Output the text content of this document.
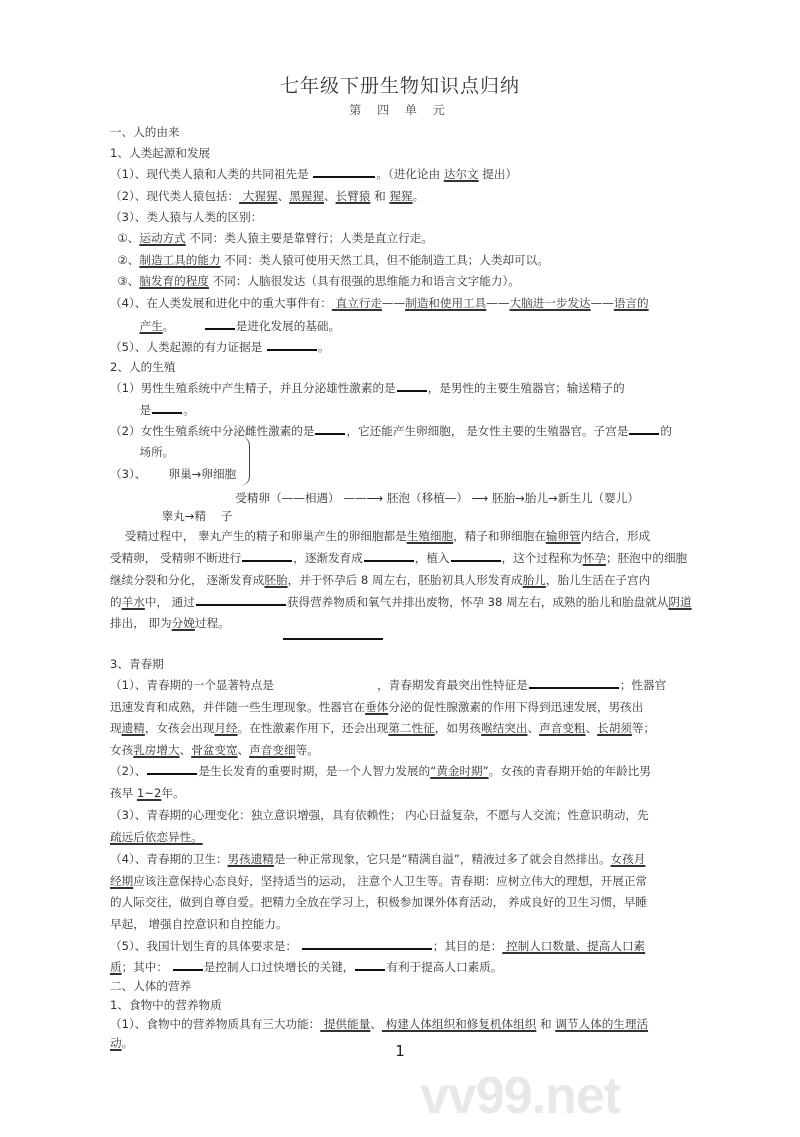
七年级下册生物知识点归纳
第 四 单 元
一、人的由来
1、人类起源和发展
（1）、现代类人猿和人类的共同祖先是	。（进化论由 达尔文 提出）
（2）、现代类人猿包括： 大猩猩、黑猩猩、长臂猿 和 猩猩。
（3）、类人猿与人类的区别：
①、运动方式 不同：类人猿主要是靠臂行；人类是直立行走。
②、制造工具的能力 不同：类人猿可使用天然工具，但不能制造工具；人类却可以。
③、脑发育的程度 不同：人脑很发达（具有很强的思维能力和语言文字能力）。
（4）、在人类发展和进化中的重大事件有： 直立行走——制造和使用工具——大脑进一步发达——语言的
产生。	是进化发展的基础。
（5）、人类起源的有力证据是	。
2、人的生殖
（1）男性生殖系统中产生精子，并且分泌雄性激素的是	，是男性的主要生殖器官；输送精子的
是	。
（2）女性生殖系统中分泌雌性激素的是	，它还能产生卵细胞， 是女性主要的生殖器官。子宫是	的
场所。
（3）、      卵巢→卵细胞
受精卵（——相遇） ——⟶ 胚泡（移植—） ⟶ 胚胎→胎儿→新生儿（婴儿）
睾丸→精    子
受精过程中， 睾丸产生的精子和卵巢产生的卵细胞都是生殖细胞，精子和卵细胞在输卵管内结合，形成
受精卵， 受精卵不断进行	，逐渐发育成	，植入	，这个过程称为怀孕；胚泡中的细胞
继续分裂和分化， 逐渐发育成胚胎，并于怀孕后 8 周左右，胚胎初具人形发育成胎儿，胎儿生活在子宫内
的羊水中， 通过	获得营养物质和氧气并排出废物，怀孕 38 周左右，成熟的胎儿和胎盘就从阴道
排出， 即为分娩过程。
3、青春期
（1）、青春期的一个显著特点是                            ，青春期发育最突出性特征是	；性器官
迅速发育和成熟，并伴随一些生理现象。性器官在垂体分泌的促性腺激素的作用下得到迅速发展，男孩出
现遗精，女孩会出现月经。在性激素作用下，还会出现第二性征，如男孩喉结突出、声音变粗、长胡须等；
女孩乳房增大、骨盆变宽、声音变细等。
（2）、	是生长发育的重要时期，是一个人智力发展的“黄金时期”。女孩的青春期开始的年龄比男
孩早 1~2年。
（3）、青春期的心理变化：独立意识增强，具有依赖性； 内心日益复杂，不愿与人交流；性意识萌动，先
疏远后依恋异性。
（4）、青春期的卫生：男孩遗精是一种正常现象，它只是“精满自溢”，精液过多了就会自然排出。女孩月
经期应该注意保持心态良好，坚持适当的运动， 注意个人卫生等。青春期：应树立伟大的理想，开展正常
的人际交往，做到自尊自爱。把精力全放在学习上，积极参加课外体育活动， 养成良好的卫生习惯，早睡
早起， 增强自控意识和自控能力。
（5）、我国计划生育的具体要求是：	；其目的是： 控制人口数量、提高人口素
质；其中：	是控制人口过快增长的关键，	有利于提高人口素质。
二、人体的营养
1、食物中的营养物质
（1）、食物中的营养物质具有三大功能： 提供能量、 构建人体组织和修复机体组织 和 调节人体的生理活
动。	1
vv99.net
